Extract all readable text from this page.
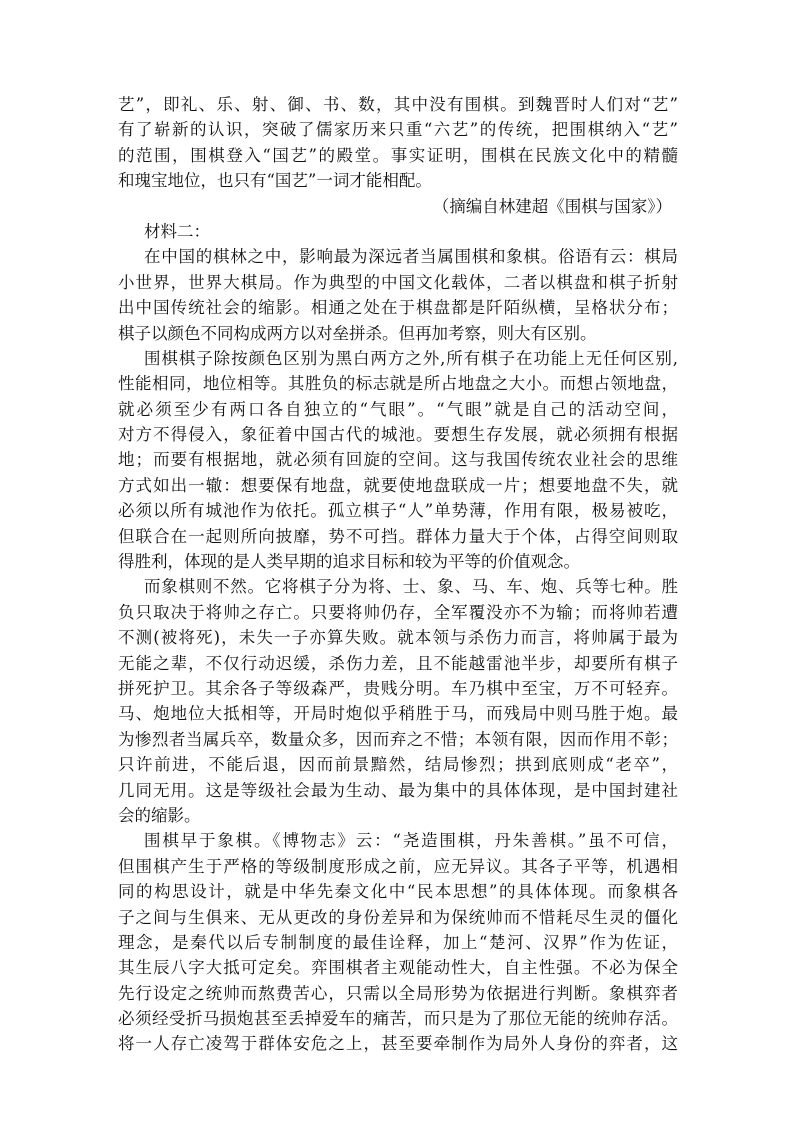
艺”，即礼、乐、射、御、书、数，其中没有围棋。到魏晋时人们对“艺”
有了崭新的认识，突破了儒家历来只重“六艺”的传统，把围棋纳入“艺”
的范围，围棋登入“国艺”的殿堂。事实证明，围棋在民族文化中的精髓
和瑰宝地位，也只有“国艺”一词才能相配。
（摘编自林建超《围棋与国家》）
材料二：
在中国的棋林之中，影响最为深远者当属围棋和象棋。俗语有云：棋局
小世界，世界大棋局。作为典型的中国文化载体，二者以棋盘和棋子折射
出中国传统社会的缩影。相通之处在于棋盘都是阡陌纵横，呈格状分布；
棋子以颜色不同构成两方以对垒拼杀。但再加考察，则大有区别。
围棋棋子除按颜色区别为黑白两方之外,所有棋子在功能上无任何区别,
性能相同，地位相等。其胜负的标志就是所占地盘之大小。而想占领地盘，
就必须至少有两口各自独立的“气眼”。“气眼”就是自己的活动空间，
对方不得侵入，象征着中国古代的城池。要想生存发展，就必须拥有根据
地；而要有根据地，就必须有回旋的空间。这与我国传统农业社会的思维
方式如出一辙：想要保有地盘，就要使地盘联成一片；想要地盘不失，就
必须以所有城池作为依托。孤立棋子“人”单势薄，作用有限，极易被吃，
但联合在一起则所向披靡，势不可挡。群体力量大于个体，占得空间则取
得胜利，体现的是人类早期的追求目标和较为平等的价值观念。
而象棋则不然。它将棋子分为将、士、象、马、车、炮、兵等七种。胜
负只取决于将帅之存亡。只要将帅仍存，全军覆没亦不为输；而将帅若遭
不测(被将死)，未失一子亦算失败。就本领与杀伤力而言，将帅属于最为
无能之辈，不仅行动迟缓，杀伤力差，且不能越雷池半步，却要所有棋子
拼死护卫。其余各子等级森严，贵贱分明。车乃棋中至宝，万不可轻弃。
马、炮地位大抵相等，开局时炮似乎稍胜于马，而残局中则马胜于炮。最
为惨烈者当属兵卒，数量众多，因而弃之不惜；本领有限，因而作用不彰；
只许前进，不能后退，因而前景黯然，结局惨烈；拱到底则成“老卒”，
几同无用。这是等级社会最为生动、最为集中的具体体现，是中国封建社
会的缩影。
围棋早于象棋。《博物志》云：“尧造围棋，丹朱善棋。”虽不可信，
但围棋产生于严格的等级制度形成之前，应无异议。其各子平等，机遇相
同的构思设计，就是中华先秦文化中“民本思想”的具体体现。而象棋各
子之间与生俱来、无从更改的身份差异和为保统帅而不惜耗尽生灵的僵化
理念，是秦代以后专制制度的最佳诠释，加上“楚河、汉界”作为佐证，
其生辰八字大抵可定矣。弈围棋者主观能动性大，自主性强。不必为保全
先行设定之统帅而熬费苦心，只需以全局形势为依据进行判断。象棋弈者
必须经受折马损炮甚至丢掉爱车的痛苦，而只是为了那位无能的统帅存活。
将一人存亡凌驾于群体安危之上，甚至要牵制作为局外人身份的弈者，这
